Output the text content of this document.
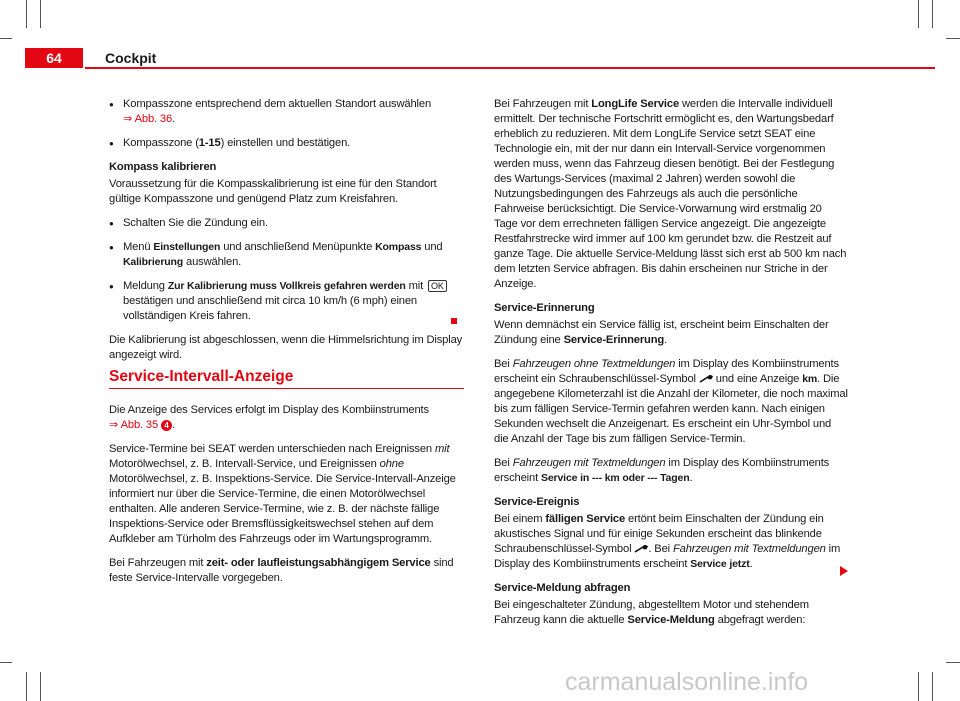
64	Cockpit
● Kompasszone entsprechend dem aktuellen Standort auswählen
⇒ Abb. 36.
● Kompasszone (1-15) einstellen und bestätigen.
Kompass kalibrieren

Voraussetzung für die Kompasskalibrierung ist eine für den Standort gültige Kompasszone und genügend Platz zum Kreisfahren.

● Schalten Sie die Zündung ein.
● Menü Einstellungen und anschließend Menüpunkte Kompass und Kalibrierung auswählen.
● Meldung Zur Kalibrierung muss Vollkreis gefahren werden mit OK bestätigen und anschließend mit circa 10 km/h (6 mph) einen vollständigen Kreis fahren.

Die Kalibrierung ist abgeschlossen, wenn die Himmelsrichtung im Display angezeigt wird.

Service-Intervall-Anzeige

Die Anzeige des Services erfolgt im Display des Kombiinstruments
⇒ Abb. 35 4 .

Service-Termine bei SEAT werden unterschieden nach Ereignissen mit Motorölwechsel, z. B. Intervall-Service, und Ereignissen ohne Motorölwechsel, z. B. Inspektions-Service. Die Service-Intervall-Anzeige informiert nur über die Service-Termine, die einen Motorölwechsel enthalten. Alle anderen Service-Termine, wie z. B. der nächste fällige Inspektions-Service oder Bremsflüssigkeitswechsel stehen auf dem Aufkleber am Türholm des Fahrzeugs oder im Wartungsprogramm.

Bei Fahrzeugen mit zeit- oder laufleistungsabhängigem Service sind feste Service-Intervalle vorgegeben.

Bei Fahrzeugen mit LongLife Service werden die Intervalle individuell ermittelt. Der technische Fortschritt ermöglicht es, den Wartungsbedarf erheblich zu reduzieren. Mit dem LongLife Service setzt SEAT eine Technologie ein, mit der nur dann ein Intervall-Service vorgenommen werden muss, wenn das Fahrzeug diesen benötigt. Bei der Festlegung des Wartungs-Services (maximal 2 Jahren) werden sowohl die Nutzungsbedingungen des Fahrzeugs als auch die persönliche Fahrweise berücksichtigt. Die Service-Vorwarnung wird erstmalig 20 Tage vor dem errechneten fälligen Service angezeigt. Die angezeigte Restfahrstrecke wird immer auf 100 km gerundet bzw. die Restzeit auf ganze Tage. Die aktuelle Service-Meldung lässt sich erst ab 500 km nach dem letzten Service abfragen. Bis dahin erscheinen nur Striche in der Anzeige.

Service-Erinnerung

Wenn demnächst ein Service fällig ist, erscheint beim Einschalten der Zündung eine Service-Erinnerung.

Bei Fahrzeugen ohne Textmeldungen im Display des Kombiinstruments erscheint ein Schraubenschlüssel-Symbol  und eine Anzeige km. Die angegebene Kilometerzahl ist die Anzahl der Kilometer, die noch maximal bis zum fälligen Service-Termin gefahren werden kann. Nach einigen Sekunden wechselt die Anzeigenart. Es erscheint ein Uhr-Symbol und die Anzahl der Tage bis zum fälligen Service-Termin.

Bei Fahrzeugen mit Textmeldungen im Display des Kombiinstruments erscheint Service in --- km oder --- Tagen.

Service-Ereignis

Bei einem fälligen Service ertönt beim Einschalten der Zündung ein akustisches Signal und für einige Sekunden erscheint das blinkende Schraubenschlüssel-Symbol . Bei Fahrzeugen mit Textmeldungen im Display des Kombiinstruments erscheint Service jetzt.

Service-Meldung abfragen

Bei eingeschalteter Zündung, abgestelltem Motor und stehendem Fahrzeug kann die aktuelle Service-Meldung abgefragt werden:

carmanualsonline.info
